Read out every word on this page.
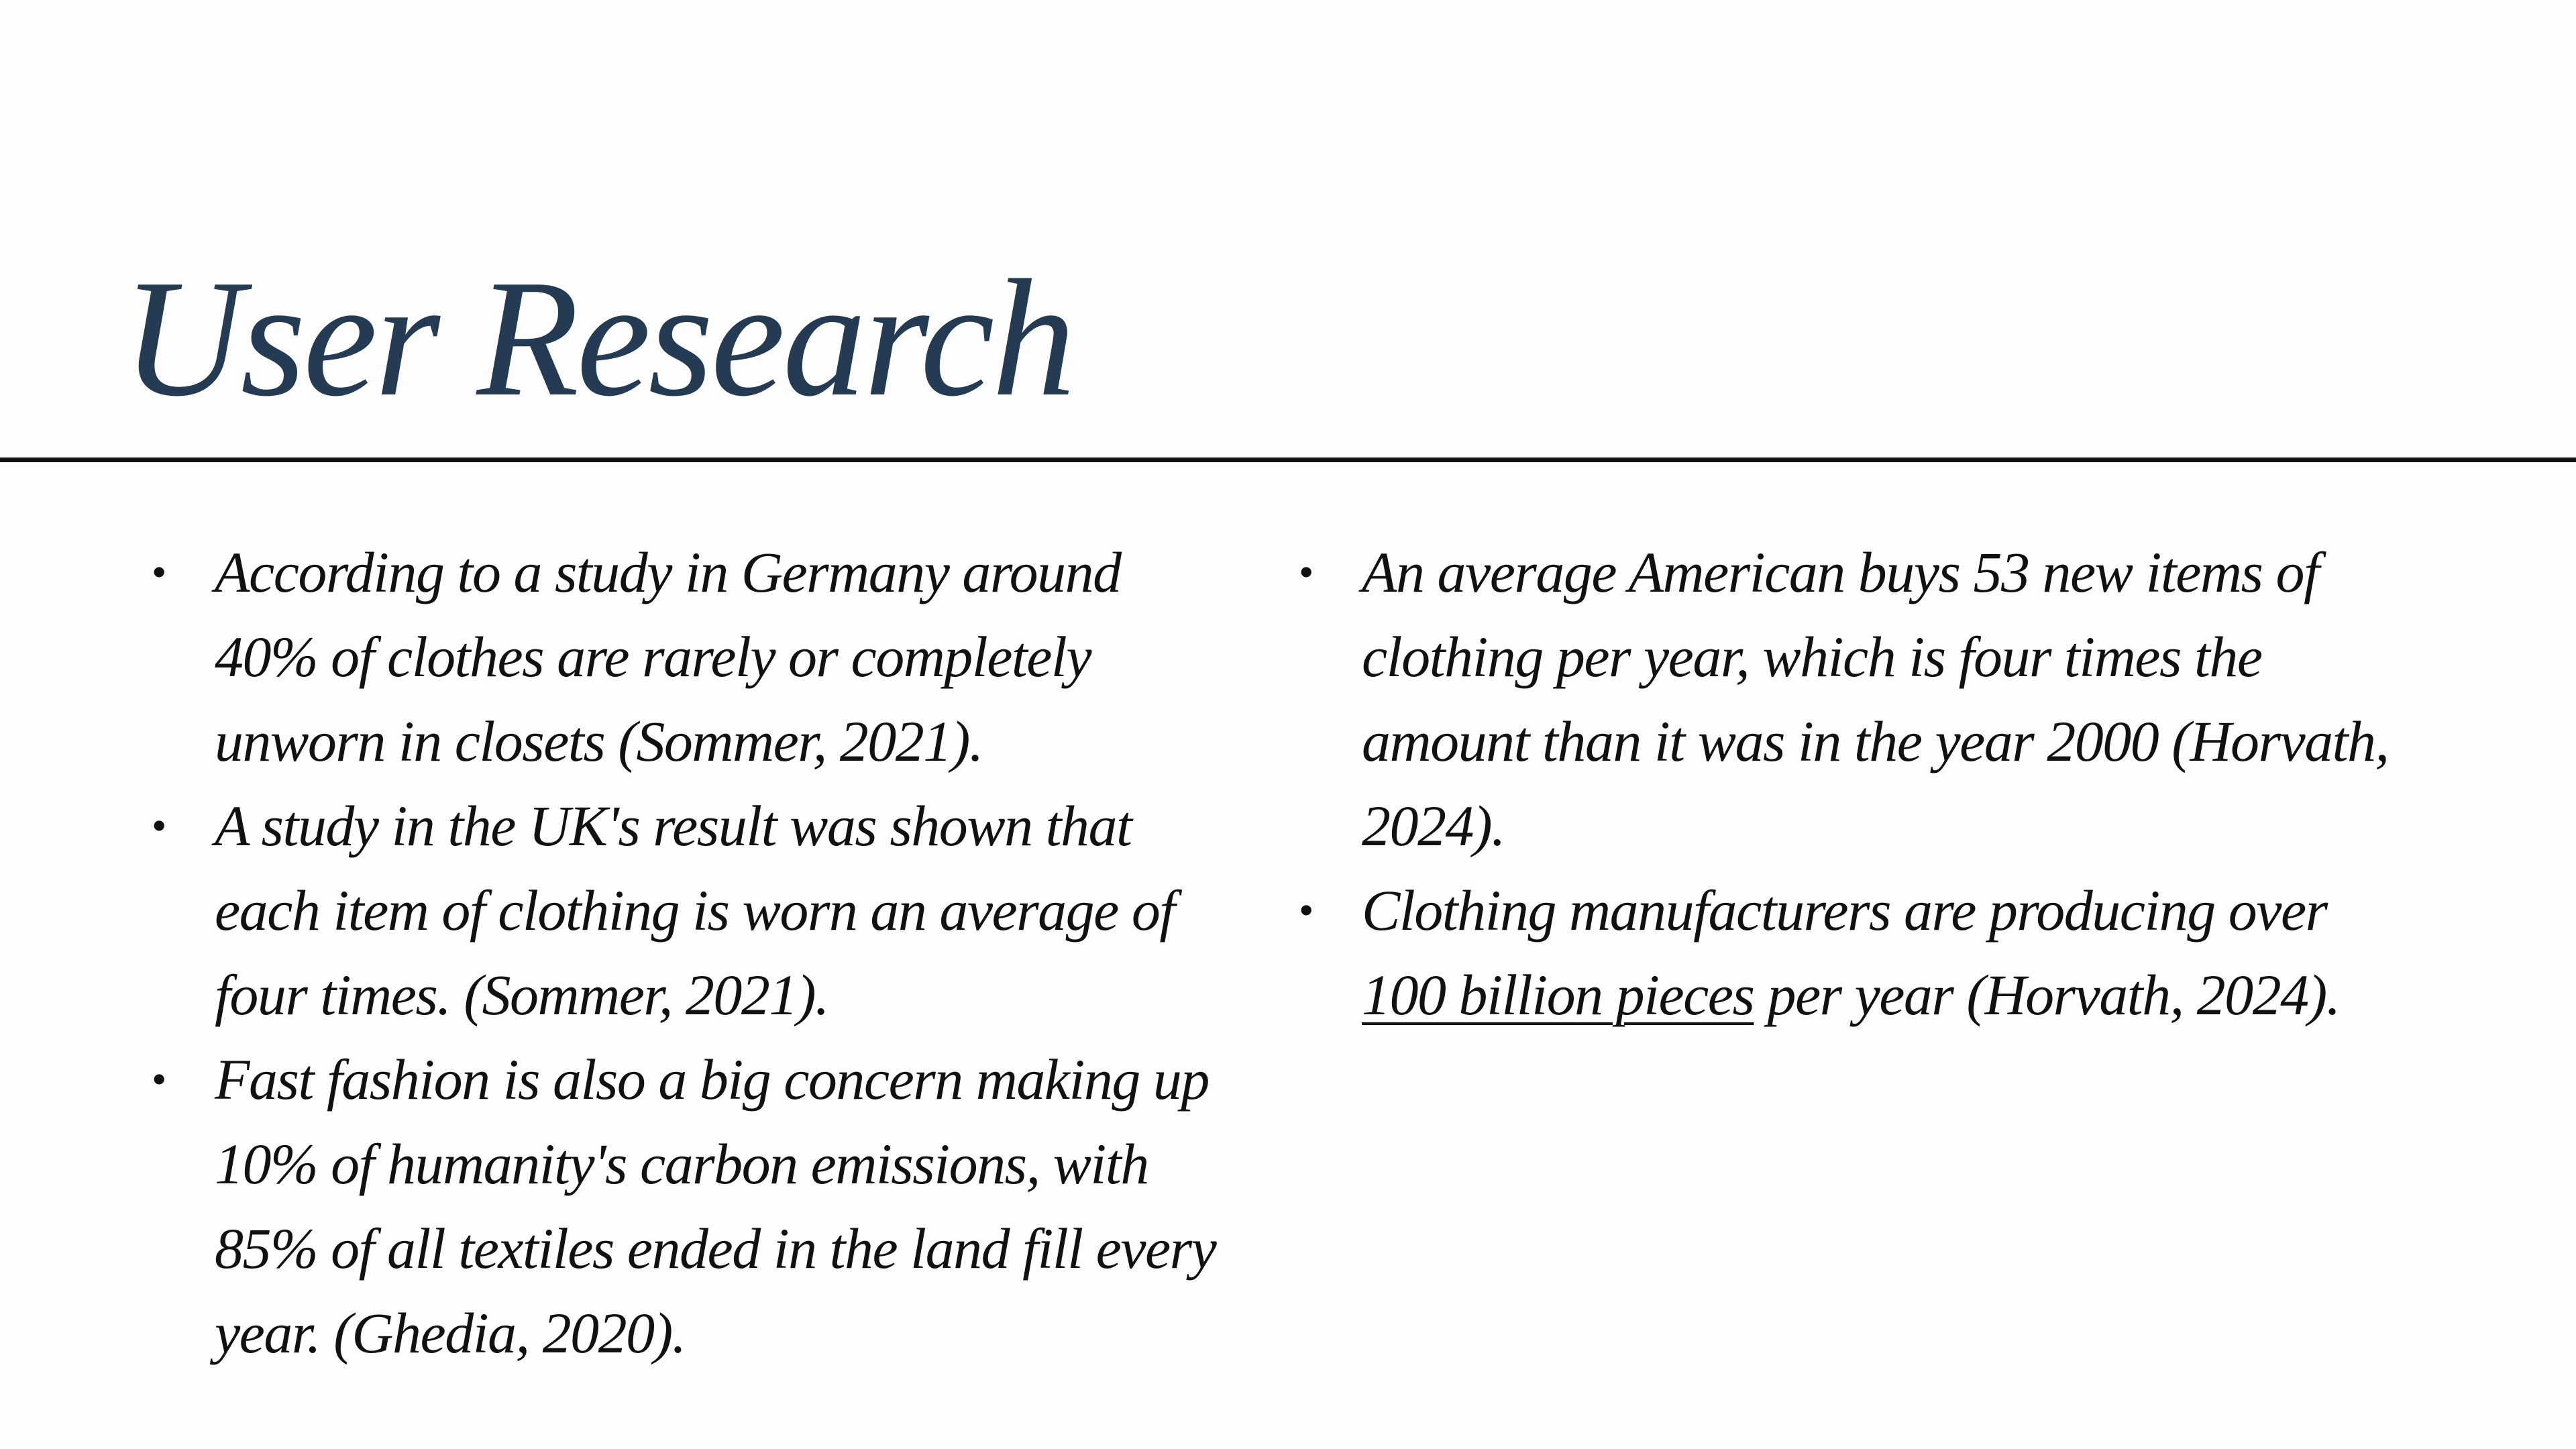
User Research
• According to a study in Germany around 40% of clothes are rarely or completely unworn in closets (Sommer, 2021).
• A study in the UK's result was shown that each item of clothing is worn an average of four times. (Sommer, 2021).
• Fast fashion is also a big concern making up 10% of humanity's carbon emissions, with 85% of all textiles ended in the land fill every year. (Ghedia, 2020).
• An average American buys 53 new items of clothing per year, which is four times the amount than it was in the year 2000 (Horvath, 2024).
• Clothing manufacturers are producing over 100 billion pieces per year (Horvath, 2024).
